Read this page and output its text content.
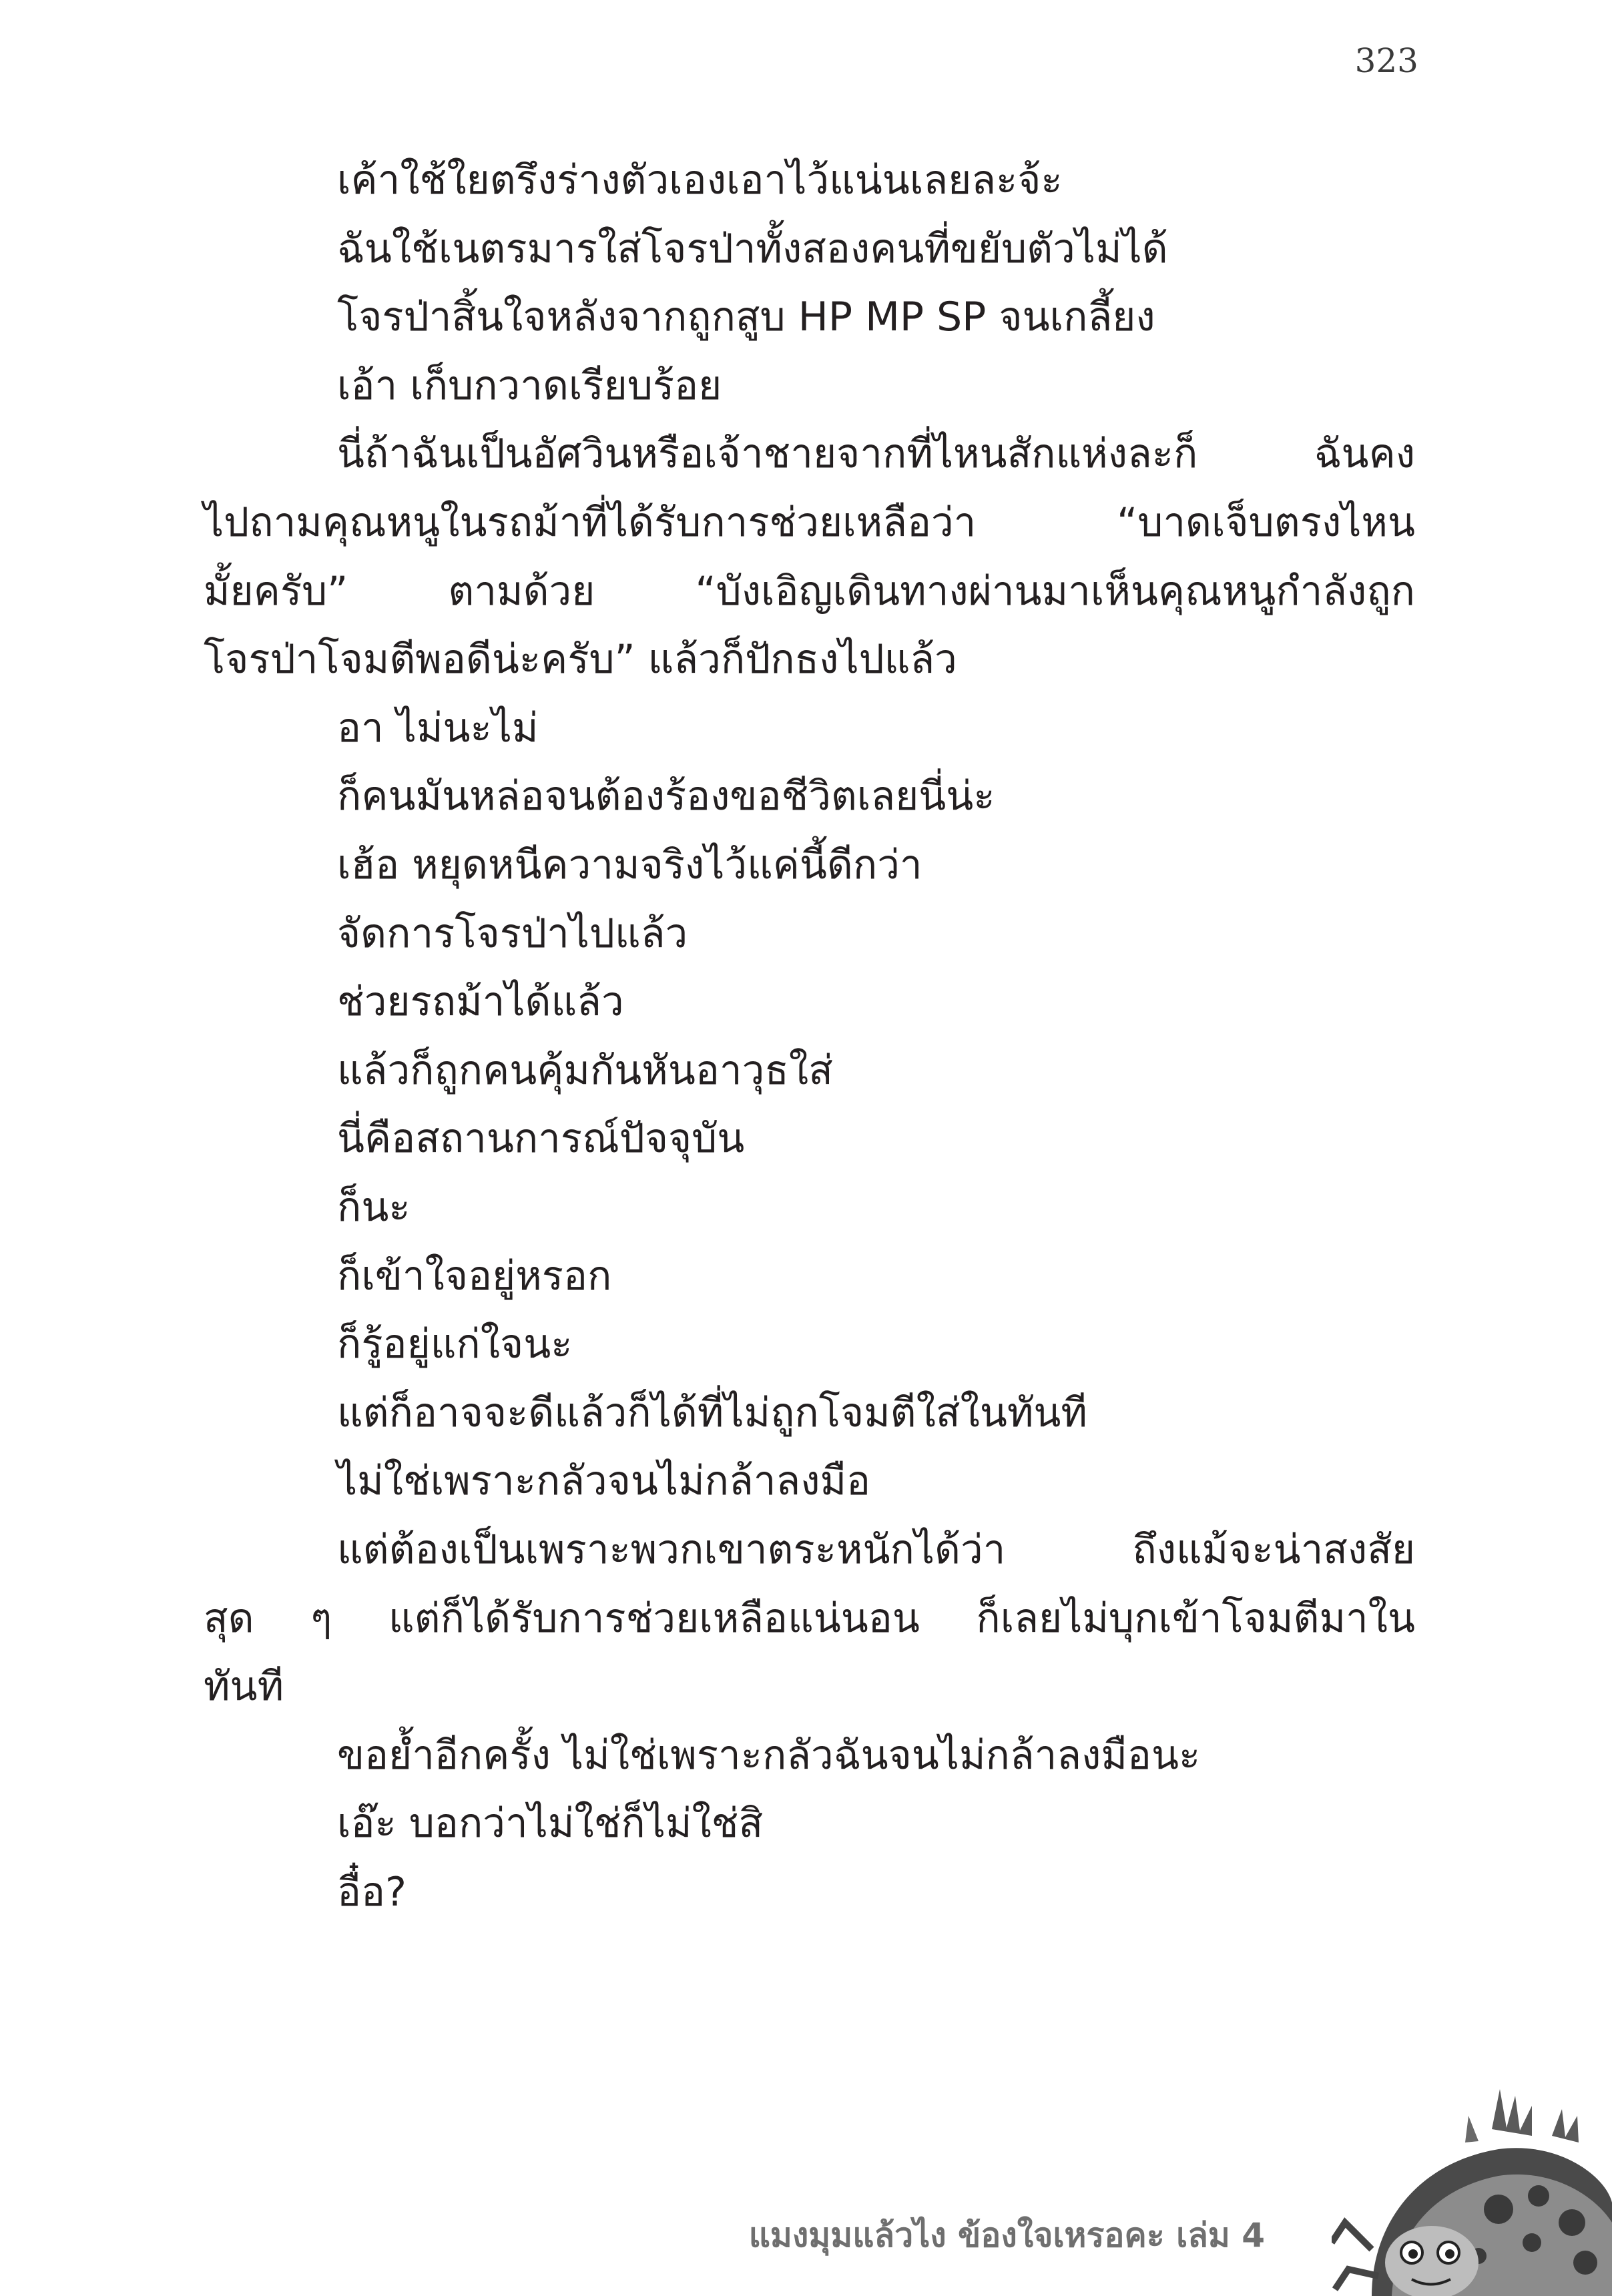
323
เค้าใช้ใยตรึงร่างตัวเองเอาไว้แน่นเลยละจ้ะ
ฉันใช้เนตรมารใส่โจรป่าทั้งสองคนที่ขยับตัวไม่ได้
โจรป่าสิ้นใจหลังจากถูกสูบ HP MP SP จนเกลี้ยง
เอ้า เก็บกวาดเรียบร้อย
นี่ถ้าฉันเป็นอัศวินหรือเจ้าชายจากที่ไหนสักแห่งละก็ ฉันคง
ไปถามคุณหนูในรถม้าที่ได้รับการช่วยเหลือว่า “บาดเจ็บตรงไหน
มั้ยครับ” ตามด้วย “บังเอิญเดินทางผ่านมาเห็นคุณหนูกำลังถูก
โจรป่าโจมตีพอดีน่ะครับ” แล้วก็ปักธงไปแล้ว
อา ไม่นะไม่
ก็คนมันหล่อจนต้องร้องขอชีวิตเลยนี่น่ะ
เฮ้อ หยุดหนีความจริงไว้แค่นี้ดีกว่า
จัดการโจรป่าไปแล้ว
ช่วยรถม้าได้แล้ว
แล้วก็ถูกคนคุ้มกันหันอาวุธใส่
นี่คือสถานการณ์ปัจจุบัน
ก็นะ
ก็เข้าใจอยู่หรอก
ก็รู้อยู่แก่ใจนะ
แต่ก็อาจจะดีแล้วก็ได้ที่ไม่ถูกโจมตีใส่ในทันที
ไม่ใช่เพราะกลัวจนไม่กล้าลงมือ
แต่ต้องเป็นเพราะพวกเขาตระหนักได้ว่า ถึงแม้จะน่าสงสัย
สุด ๆ แต่ก็ได้รับการช่วยเหลือแน่นอน ก็เลยไม่บุกเข้าโจมตีมาใน
ทันที
ขอย้ำอีกครั้ง ไม่ใช่เพราะกลัวฉันจนไม่กล้าลงมือนะ
เอ๊ะ บอกว่าไม่ใช่ก็ไม่ใช่สิ
อื๋อ?
แมงมุมแล้วไง ข้องใจเหรอคะ เล่ม 4
